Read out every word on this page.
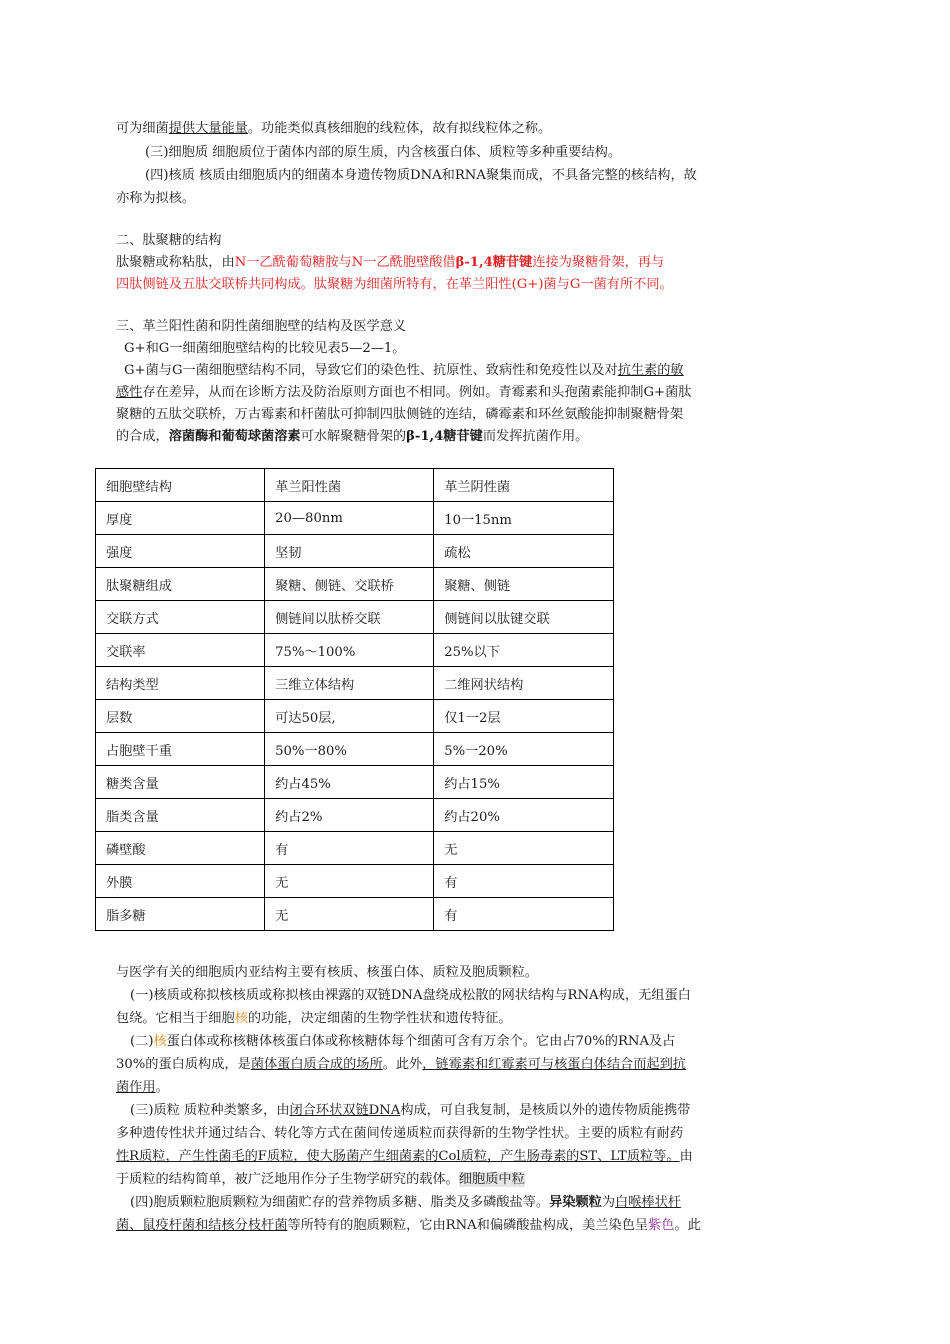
可为细菌提供大量能量。功能类似真核细胞的线粒体，故有拟线粒体之称。
(三)细胞质 细胞质位于菌体内部的原生质，内含核蛋白体、质粒等多种重要结构。
(四)核质 核质由细胞质内的细菌本身遗传物质DNA和RNA聚集而成，不具备完整的核结构，故
亦称为拟核。
二、肽聚糖的结构
肽聚糖或称粘肽，由N一乙酰葡萄糖胺与N一乙酰胞壁酸借β-1,4糖苷键连接为聚糖骨架，再与
四肽侧链及五肽交联桥共同构成。肽聚糖为细菌所特有，在革兰阳性(G+)菌与G一菌有所不同。
三、革兰阳性菌和阴性菌细胞壁的结构及医学意义
G+和G一细菌细胞壁结构的比较见表5—2—1。
G+菌与G一菌细胞壁结构不同，导致它们的染色性、抗原性、致病性和免疫性以及对抗生素的敏
感性存在差异，从而在诊断方法及防治原则方面也不相同。例如。青霉素和头孢菌素能抑制G+菌肽
聚糖的五肽交联桥，万古霉素和杆菌肽可抑制四肽侧链的连结，磷霉素和环丝氨酸能抑制聚糖骨架
的合成，溶菌酶和葡萄球菌溶素可水解聚糖骨架的β-1,4糖苷键而发挥抗菌作用。
细胞壁结构	革兰阳性菌	革兰阴性菌
厚度	20—80nm	10一15nm
强度	坚韧	疏松
肽聚糖组成	聚糖、侧链、交联桥	聚糖、侧链
交联方式	侧链间以肽桥交联	侧链间以肽键交联
交联率	75%～100%	25%以下
结构类型	三维立体结构	二维网状结构
层数	可达50层,	仅1一2层
占胞壁干重	50%一80%	5%一20%
糖类含量	约占45%	约占15%
脂类含量	约占2%	约占20%
磷壁酸	有	无
外膜	无	有
脂多糖	无	有
与医学有关的细胞质内亚结构主要有核质、核蛋白体、质粒及胞质颗粒。
(一)核质或称拟核核质或称拟核由裸露的双链DNA盘绕成松散的网状结构与RNA构成，无组蛋白
包绕。它相当于细胞核的功能，决定细菌的生物学性状和遗传特征。
(二)核蛋白体或称核糖体核蛋白体或称核糖体每个细菌可含有万余个。它由占70%的RNA及占
30%的蛋白质构成，是菌体蛋白质合成的场所。此外，链霉素和红霉素可与核蛋白体结合而起到抗
菌作用。
(三)质粒 质粒种类繁多，由闭合环状双链DNA构成，可自我复制，是核质以外的遗传物质能携带
多种遗传性状并通过结合、转化等方式在菌间传递质粒而获得新的生物学性状。主要的质粒有耐药
性R质粒，产生性菌毛的F质粒，使大肠菌产生细菌素的Col质粒，产生肠毒素的ST、LT质粒等。由
于质粒的结构简单，被广泛地用作分子生物学研究的载体。细胞质中粒
(四)胞质颗粒胞质颗粒为细菌贮存的营养物质多糖、脂类及多磷酸盐等。异染颗粒为白喉棒状杆
菌、鼠疫杆菌和结核分枝杆菌等所特有的胞质颗粒，它由RNA和偏磷酸盐构成，美兰染色呈紫色。此
